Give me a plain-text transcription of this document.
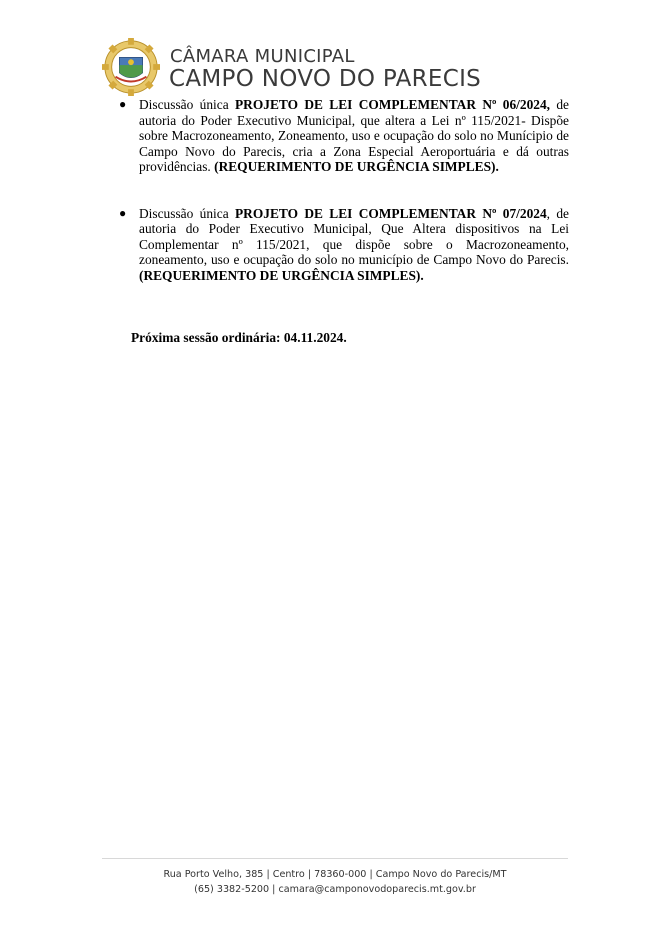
CÂMARA MUNICIPAL
CAMPO NOVO DO PARECIS
● Discussão única PROJETO DE LEI COMPLEMENTAR Nº 06/2024, de autoria do Poder Executivo Municipal, que altera a Lei nº 115/2021- Dispõe sobre Macrozoneamento, Zoneamento, uso e ocupação do solo no Munícipio de Campo Novo do Parecis, cria a Zona Especial Aeroportuária e dá outras providências. (REQUERIMENTO DE URGÊNCIA SIMPLES).

● Discussão única PROJETO DE LEI COMPLEMENTAR Nº 07/2024, de autoria do Poder Executivo Municipal, Que Altera dispositivos na Lei Complementar nº 115/2021, que dispõe sobre o Macrozoneamento, zoneamento, uso e ocupação do solo no município de Campo Novo do Parecis. (REQUERIMENTO DE URGÊNCIA SIMPLES).

Próxima sessão ordinária: 04.11.2024.
Rua Porto Velho, 385 | Centro | 78360-000 | Campo Novo do Parecis/MT
(65) 3382-5200 | camara@camponovodoparecis.mt.gov.br
